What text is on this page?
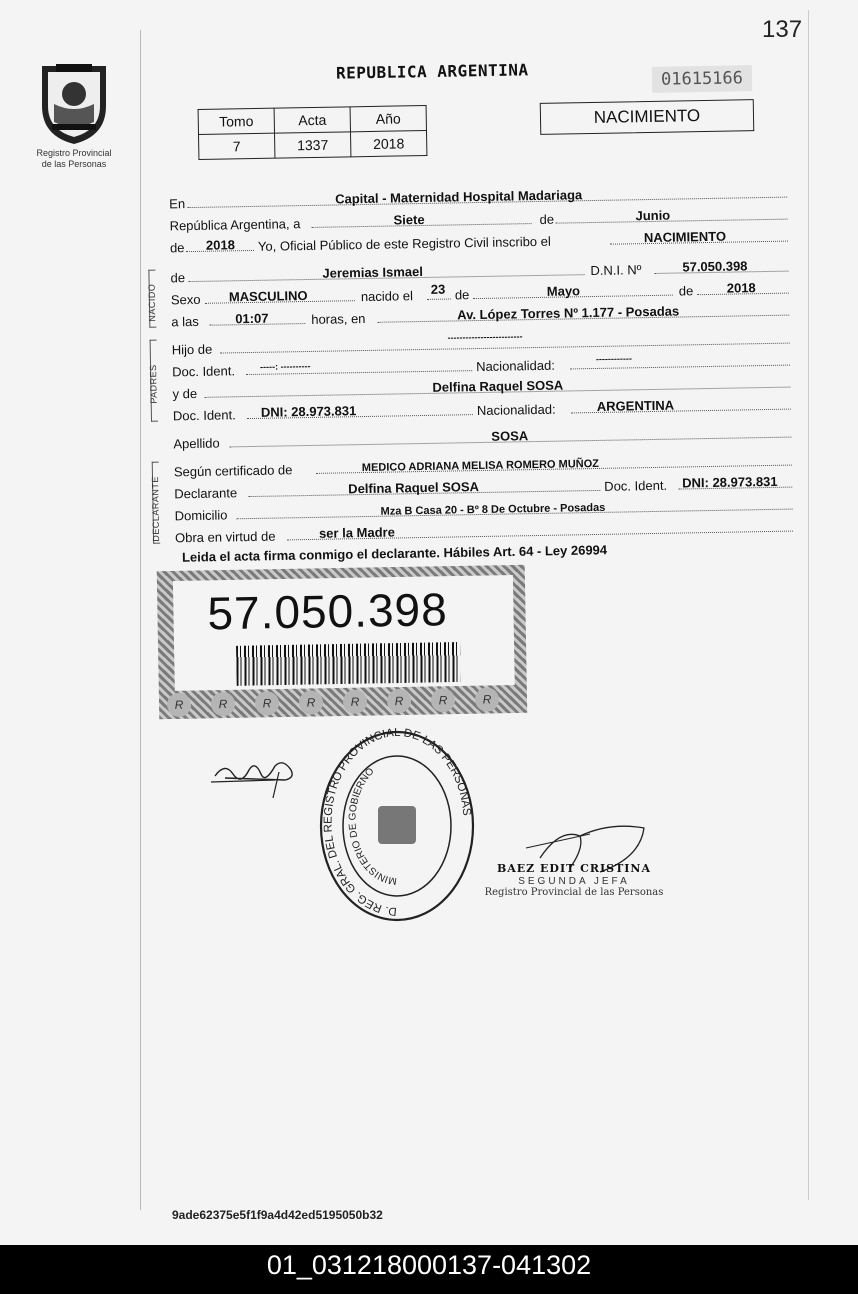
137
Registro Provincial
de las Personas
REPUBLICA ARGENTINA	01615166
NACIMIENTO
Tomo	Acta	Año
7	1337	2018
En	Capital - Maternidad Hospital Madariaga
República Argentina, a	Siete	de	Junio
de 2018 Yo, Oficial Público de este Registro Civil inscribo el	NACIMIENTO
NACIDO
de	Jeremias Ismael	D.N.I. Nº	57.050.398
Sexo MASCULINO	nacido el 23 de	Mayo	de	2018
a las	01:07	horas, en	Av. López Torres Nº 1.177 - Posadas
PADRES
Hijo de
-------------------------
Doc. Ident.	-----: ----------	Nacionalidad:	------------
y de	Delfina Raquel SOSA
Doc. Ident. DNI: 28.973.831	Nacionalidad:	ARGENTINA
Apellido	SOSA
DECLARANTE
Según certificado de	MEDICO ADRIANA MELISA ROMERO MUÑOZ
Declarante	Delfina Raquel SOSA	Doc. Ident. DNI: 28.973.831
Domicilio	Mza B Casa 20 - Bº 8 De Octubre - Posadas
Obra en virtud de	ser la Madre
Leida el acta firma conmigo el declarante. Hábiles Art. 64 - Ley 26994
57.050.398
R	R	R	R	R	R	R	R
D. REG. GRAL. DEL REGISTRO PROVINCIAL DE LAS PERSONAS
MINISTERIO DE GOBIERNO
BAEZ EDIT CRISTINA
SEGUNDA JEFA
Registro Provincial de las Personas
9ade62375e5f1f9a4d42ed5195050b32
01_031218000137-041302
